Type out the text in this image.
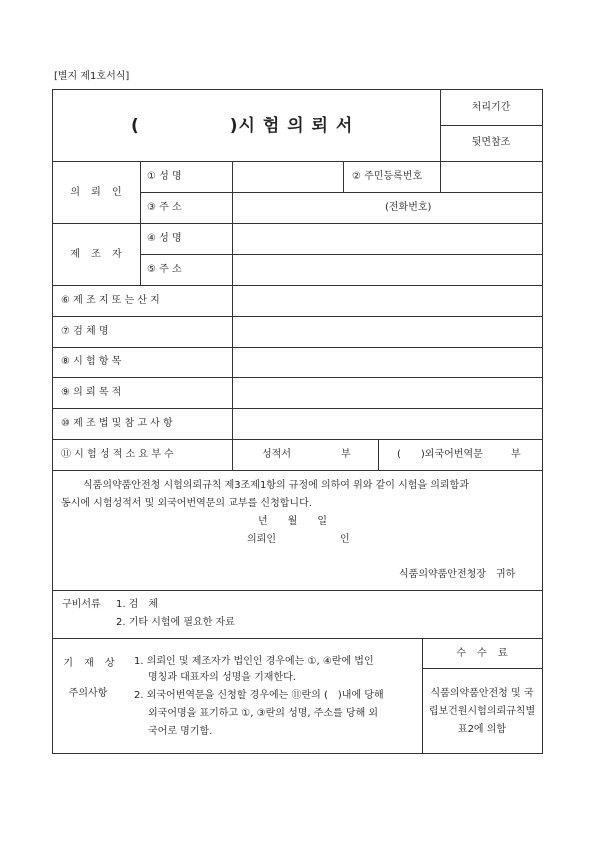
[별지 제1호서식]
(　　　　　)시 험 의 뢰 서
처리기간
뒷면참조
의 뢰 인
① 성 명	② 주민등록번호
③ 주 소	(전화번호)
제 조 자
④ 성 명
⑤ 주 소
⑥ 제 조 지 또 는 산 지
⑦ 검 체 명
⑧ 시 험 항 목
⑨ 의 뢰 목 적
⑩ 제 조 법 및 참 고 사 항
⑪ 시 험 성 적 소 요 부 수	성적서	부	(　　)외국어번역문	부
식품의약품안전청 시험의뢰규칙 제3조제1항의 규정에 의하여 위와 같이 시험을 의뢰함과
동시에 시험성적서 및 외국어번역문의 교부를 신청합니다.
년　　월　　일
의뢰인	인
식품의약품안전청장　귀하
구비서류 1. 검　체
2. 기타 시험에 필요한 자료
기 재 상
주의사항
1. 의뢰인 및 제조자가 법인인 경우에는 ①, ④란에 법인
명칭과 대표자의 성명을 기재한다.
2. 외국어번역문을 신청할 경우에는 ⑪란의 (　)내에 당해
외국어명을 표기하고 ①, ③란의 성명, 주소를 당해 외
국어로 명기함.
수 수 료
식품의약품안전청 및 국
립보건원시험의뢰규칙별
표2에 의함
